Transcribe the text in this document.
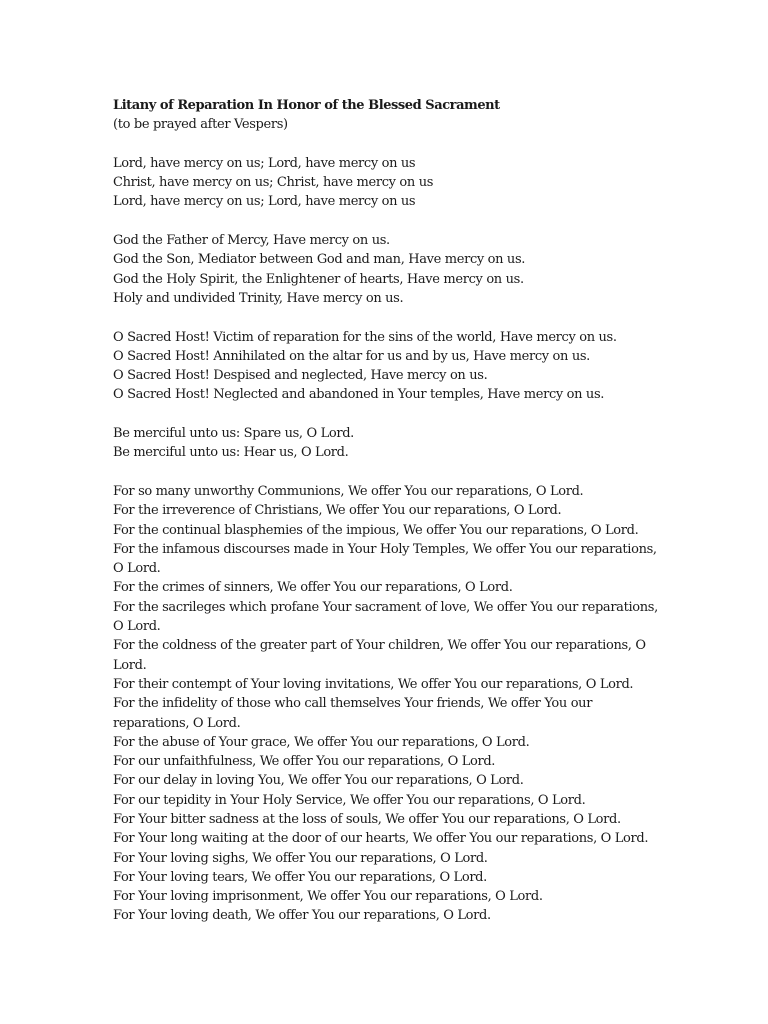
Litany of Reparation In Honor of the Blessed Sacrament
(to be prayed after Vespers)
Lord, have mercy on us; Lord, have mercy on us
Christ, have mercy on us; Christ, have mercy on us
Lord, have mercy on us; Lord, have mercy on us
God the Father of Mercy, Have mercy on us.
God the Son, Mediator between God and man, Have mercy on us.
God the Holy Spirit, the Enlightener of hearts, Have mercy on us.
Holy and undivided Trinity, Have mercy on us.
O Sacred Host! Victim of reparation for the sins of the world, Have mercy on us.
O Sacred Host! Annihilated on the altar for us and by us, Have mercy on us.
O Sacred Host! Despised and neglected, Have mercy on us.
O Sacred Host! Neglected and abandoned in Your temples, Have mercy on us.
Be merciful unto us: Spare us, O Lord.
Be merciful unto us: Hear us, O Lord.
For so many unworthy Communions, We offer You our reparations, O Lord.
For the irreverence of Christians, We offer You our reparations, O Lord.
For the continual blasphemies of the impious, We offer You our reparations, O Lord.
For the infamous discourses made in Your Holy Temples, We offer You our reparations,
O Lord.
For the crimes of sinners, We offer You our reparations, O Lord.
For the sacrileges which profane Your sacrament of love, We offer You our reparations,
O Lord.
For the coldness of the greater part of Your children, We offer You our reparations, O
Lord.
For their contempt of Your loving invitations, We offer You our reparations, O Lord.
For the infidelity of those who call themselves Your friends, We offer You our
reparations, O Lord.
For the abuse of Your grace, We offer You our reparations, O Lord.
For our unfaithfulness, We offer You our reparations, O Lord.
For our delay in loving You, We offer You our reparations, O Lord.
For our tepidity in Your Holy Service, We offer You our reparations, O Lord.
For Your bitter sadness at the loss of souls, We offer You our reparations, O Lord.
For Your long waiting at the door of our hearts, We offer You our reparations, O Lord.
For Your loving sighs, We offer You our reparations, O Lord.
For Your loving tears, We offer You our reparations, O Lord.
For Your loving imprisonment, We offer You our reparations, O Lord.
For Your loving death, We offer You our reparations, O Lord.
